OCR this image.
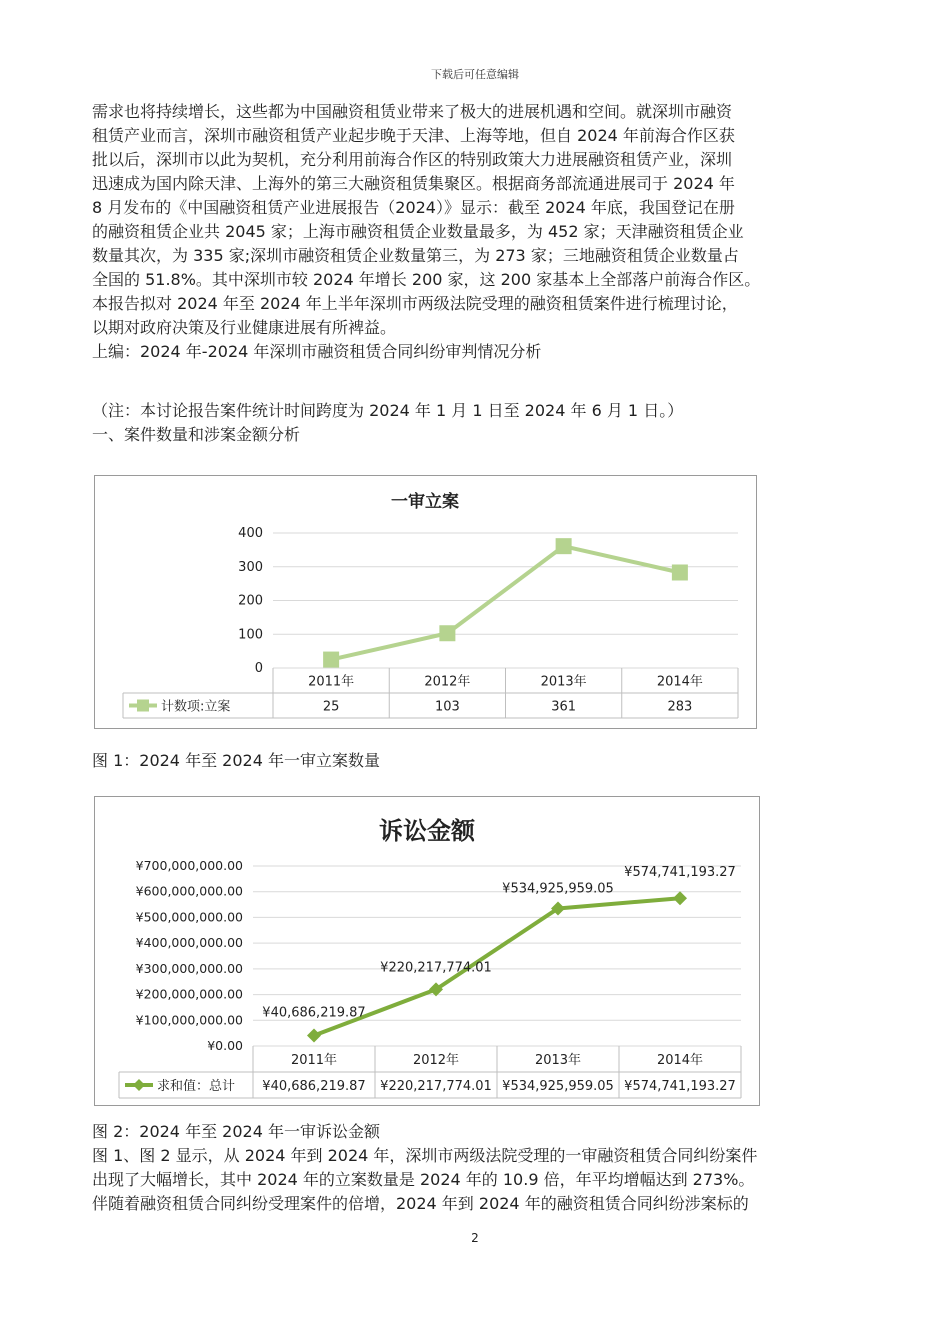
下载后可任意编辑

需求也将持续增长，这些都为中国融资租赁业带来了极大的进展机遇和空间。就深圳市融资

租赁产业而言，深圳市融资租赁产业起步晚于天津、上海等地，但自 2024 年前海合作区获

批以后，深圳市以此为契机，充分利用前海合作区的特别政策大力进展融资租赁产业，深圳

迅速成为国内除天津、上海外的第三大融资租赁集聚区。根据商务部流通进展司于 2024 年

8 月发布的《中国融资租赁产业进展报告（2024）》显示：截至 2024 年底，我国登记在册

的融资租赁企业共 2045 家；上海市融资租赁企业数量最多，为 452 家；天津融资租赁企业

数量其次，为 335 家;深圳市融资租赁企业数量第三，为 273 家；三地融资租赁企业数量占

全国的 51.8%。其中深圳市较 2024 年增长 200 家，这 200 家基本上全部落户前海合作区。

本报告拟对 2024 年至 2024 年上半年深圳市两级法院受理的融资租赁案件进行梳理讨论，

以期对政府决策及行业健康进展有所裨益。

上编：2024 年-2024 年深圳市融资租赁合同纠纷审判情况分析

（注：本讨论报告案件统计时间跨度为 2024 年 1 月 1 日至 2024 年 6 月 1 日。）

一、案件数量和涉案金额分析

一审立案
0
100
200
300
400
2011年
25
2012年
103
2013年
361
2014年
283
计数项:立案
图 1：2024 年至 2024 年一审立案数量
诉讼金额
¥0.00
¥100,000,000.00
¥200,000,000.00
¥300,000,000.00
¥400,000,000.00
¥500,000,000.00
¥600,000,000.00
¥700,000,000.00
2011年
¥40,686,219.87
2012年
¥220,217,774.01
2013年
¥534,925,959.05
2014年
¥574,741,193.27
求和值：总计
¥40,686,219.87
¥220,217,774.01
¥534,925,959.05
¥574,741,193.27

图 2：2024 年至 2024 年一审诉讼金额

图 1、图 2 显示，从 2024 年到 2024 年，深圳市两级法院受理的一审融资租赁合同纠纷案件

出现了大幅增长，其中 2024 年的立案数量是 2024 年的 10.9 倍，年平均增幅达到 273%。

伴随着融资租赁合同纠纷受理案件的倍增，2024 年到 2024 年的融资租赁合同纠纷涉案标的

2
